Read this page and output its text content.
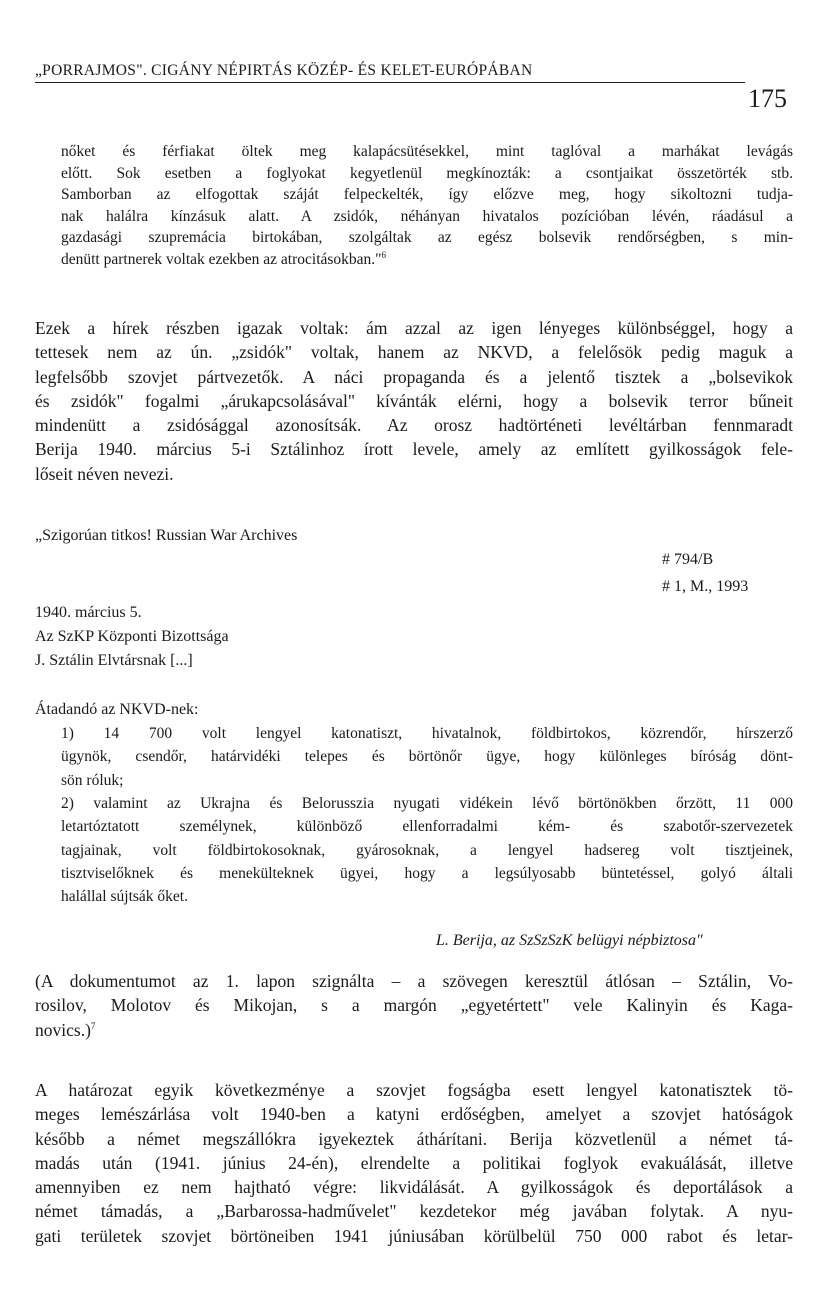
„PORRAJMOS". CIGÁNY NÉPIRTÁS KÖZÉP- ÉS KELET-EURÓPÁBAN
175
nőket és férfiakat öltek meg kalapácsütésekkel, mint taglóval a marhákat levágás
előtt. Sok esetben a foglyokat kegyetlenül megkínozták: a csontjaikat összetörték stb.
Samborban az elfogottak száját felpeckelték, így előzve meg, hogy sikoltozni tudja-
nak halálra kínzásuk alatt. A zsidók, néhányan hivatalos pozícióban lévén, ráadásul a
gazdasági szupremácia birtokában, szolgáltak az egész bolsevik rendőrségben, s min-
denütt partnerek voltak ezekben az atrocitásokban."$^6$
Ezek a hírek részben igazak voltak: ám azzal az igen lényeges különbséggel, hogy a
tettesek nem az ún. „zsidók" voltak, hanem az NKVD, a felelősök pedig maguk a
legfelsőbb szovjet pártvezetők. A náci propaganda és a jelentő tisztek a „bolsevikok
és zsidók" fogalmi „árukapcsolásával" kívánták elérni, hogy a bolsevik terror bűneit
mindenütt a zsidósággal azonosítsák. Az orosz hadtörténeti levéltárban fennmaradt
Berija 1940. március 5-i Sztálinhoz írott levele, amely az említett gyilkosságok fele-
lőseit néven nevezi.
„Szigorúan titkos! Russian War Archives
# 794/B
# 1, M., 1993
1940. március 5.
Az SzKP Központi Bizottsága
J. Sztálin Elvtársnak [...]
Átadandó az NKVD-nek:
1) 14 700 volt lengyel katonatiszt, hivatalnok, földbirtokos, közrendőr, hírszerző
ügynök, csendőr, határvidéki telepes és börtönőr ügye, hogy különleges bíróság dönt-
sön róluk;
2) valamint az Ukrajna és Belorusszia nyugati vidékein lévő börtönökben őrzött, 11 000
letartóztatott személynek, különböző ellenforradalmi kém- és szabotőr-szervezetek
tagjainak, volt földbirtokosoknak, gyárosoknak, a lengyel hadsereg volt tisztjeinek,
tisztviselőknek és menekülteknek ügyei, hogy a legsúlyosabb büntetéssel, golyó általi
halállal sújtsák őket.
L. Berija, az SzSzSzK belügyi népbiztosa"
(A dokumentumot az 1. lapon szignálta – a szövegen keresztül átlósan – Sztálin, Vo-
rosilov, Molotov és Mikojan, s a margón „egyetértett" vele Kalinyin és Kaga-
novics.)$^7$
A határozat egyik következménye a szovjet fogságba esett lengyel katonatisztek tö-
meges lemészárlása volt 1940-ben a katyni erdőségben, amelyet a szovjet hatóságok
később a német megszállókra igyekeztek áthárítani. Berija közvetlenül a német tá-
madás után (1941. június 24-én), elrendelte a politikai foglyok evakuálását, illetve
amennyiben ez nem hajtható végre: likvidálását. A gyilkosságok és deportálások a
német támadás, a „Barbarossa-hadművelet" kezdetekor még javában folytak. A nyu-
gati területek szovjet börtöneiben 1941 júniusában körülbelül 750 000 rabot és letar-
